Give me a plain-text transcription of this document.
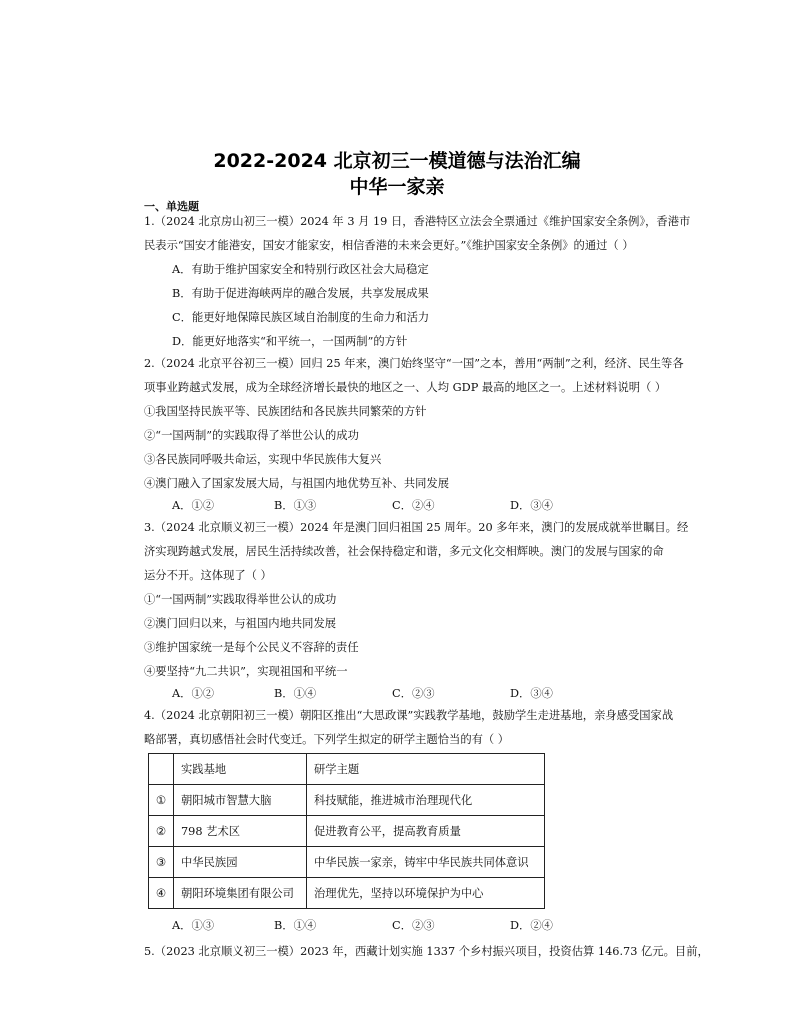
2022-2024 北京初三一模道德与法治汇编
中华一家亲
一、单选题
1.（2024 北京房山初三一模）2024 年 3 月 19 日，香港特区立法会全票通过《维护国家安全条例》，香港市
民表示“国安才能港安，国安才能家安，相信香港的未来会更好。”《维护国家安全条例》的通过（ ）
A．有助于维护国家安全和特别行政区社会大局稳定
B．有助于促进海峡两岸的融合发展，共享发展成果
C．能更好地保障民族区域自治制度的生命力和活力
D．能更好地落实“和平统一，一国两制”的方针
2.（2024 北京平谷初三一模）回归 25 年来，澳门始终坚守“一国”之本，善用“两制”之利，经济、民生等各
项事业跨越式发展，成为全球经济增长最快的地区之一、人均 GDP 最高的地区之一。上述材料说明（ ）
①我国坚持民族平等、民族团结和各民族共同繁荣的方针
②“一国两制”的实践取得了举世公认的成功
③各民族同呼吸共命运，实现中华民族伟大复兴
④澳门融入了国家发展大局，与祖国内地优势互补、共同发展
A．①②	B．①③	C．②④	D．③④
3.（2024 北京顺义初三一模）2024 年是澳门回归祖国 25 周年。20 多年来，澳门的发展成就举世瞩目。经
济实现跨越式发展，居民生活持续改善，社会保持稳定和谐，多元文化交相辉映。澳门的发展与国家的命
运分不开。这体现了（ ）
①“一国两制”实践取得举世公认的成功
②澳门回归以来，与祖国内地共同发展
③维护国家统一是每个公民义不容辞的责任
④要坚持“九二共识”，实现祖国和平统一
A．①②	B．①④	C．②③	D．③④
4.（2024 北京朝阳初三一模）朝阳区推出“大思政课”实践教学基地，鼓励学生走进基地，亲身感受国家战
略部署，真切感悟社会时代变迁。下列学生拟定的研学主题恰当的有（ ）
	实践基地	研学主题
①	朝阳城市智慧大脑	科技赋能，推进城市治理现代化
②	798 艺术区	促进教育公平，提高教育质量
③	中华民族园	中华民族一家亲，铸牢中华民族共同体意识
④	朝阳环境集团有限公司	治理优先，坚持以环境保护为中心
A．①③	B．①④	C．②③	D．②④
5.（2023 北京顺义初三一模）2023 年，西藏计划实施 1337 个乡村振兴项目，投资估算 146.73 亿元。目前，
